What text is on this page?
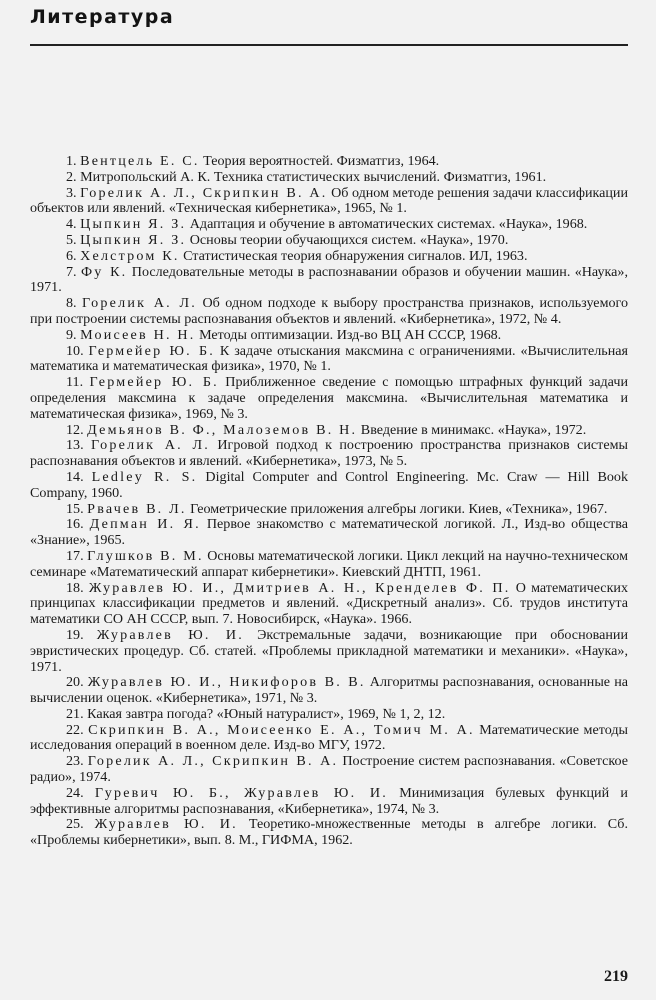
Литература

1. Вентцель Е. С. Теория вероятностей. Физматгиз, 1964.

2. Митропольский А. К. Техника статистических вычислений. Физматгиз, 1961.

3. Горелик А. Л., Скрипкин В. А. Об одном методе решения задачи классификации объектов или явлений. «Техническая кибернетика», 1965, № 1.

4. Цыпкин Я. З. Адаптация и обучение в автоматических системах. «Наука», 1968.

5. Цыпкин Я. З. Основы теории обучающихся систем. «Наука», 1970.

6. Хелстром К. Статистическая теория обнаружения сигналов. ИЛ, 1963.

7. Фу К. Последовательные методы в распознавании образов и обучении машин. «Наука», 1971.

8. Горелик А. Л. Об одном подходе к выбору пространства признаков, используемого при построении системы распознавания объектов и явлений. «Кибернетика», 1972, № 4.

9. Моисеев Н. Н. Методы оптимизации. Изд-во ВЦ АН СССР, 1968.

10. Гермейер Ю. Б. К задаче отыскания максмина с ограничениями. «Вычислительная математика и математическая физика», 1970, № 1.

11. Гермейер Ю. Б. Приближенное сведение с помощью штрафных функций задачи определения максмина к задаче определения максмина. «Вычислительная математика и математическая физика», 1969, № 3.

12. Демьянов В. Ф., Малоземов В. Н. Введение в минимакс. «Наука», 1972.

13. Горелик А. Л. Игровой подход к построению пространства признаков системы распознавания объектов и явлений. «Кибернетика», 1973, № 5.

14. Ledley R. S. Digital Computer and Control Engineering. Mc. Craw — Hill Book Company, 1960.

15. Рвачев В. Л. Геометрические приложения алгебры логики. Киев, «Техника», 1967.

16. Депман И. Я. Первое знакомство с математической логикой. Л., Изд-во общества «Знание», 1965.

17. Глушков В. М. Основы математической логики. Цикл лекций на научно-техническом семинаре «Математический аппарат кибернетики». Киевский ДНТП, 1961.

18. Журавлев Ю. И., Дмитриев А. Н., Кренделев Ф. П. О математических принципах классификации предметов и явлений. «Дискретный анализ». Сб. трудов института математики СО АН СССР, вып. 7. Новосибирск, «Наука». 1966.

19. Журавлев Ю. И. Экстремальные задачи, возникающие при обосновании эвристических процедур. Сб. статей. «Проблемы прикладной математики и механики». «Наука», 1971.

20. Журавлев Ю. И., Никифоров В. В. Алгоритмы распознавания, основанные на вычислении оценок. «Кибернетика», 1971, № 3.

21. Какая завтра погода? «Юный натуралист», 1969, № 1, 2, 12.

22. Скрипкин В. А., Моисеенко Е. А., Томич М. А. Математические методы исследования операций в военном деле. Изд-во МГУ, 1972.

23. Горелик А. Л., Скрипкин В. А. Построение систем распознавания. «Советское радио», 1974.

24. Гуревич Ю. Б., Журавлев Ю. И. Минимизация булевых функций и эффективные алгоритмы распознавания, «Кибернетика», 1974, № 3.

25. Журавлев Ю. И. Теоретико-множественные методы в алгебре логики. Сб. «Проблемы кибернетики», вып. 8. М., ГИФМА, 1962.

219
